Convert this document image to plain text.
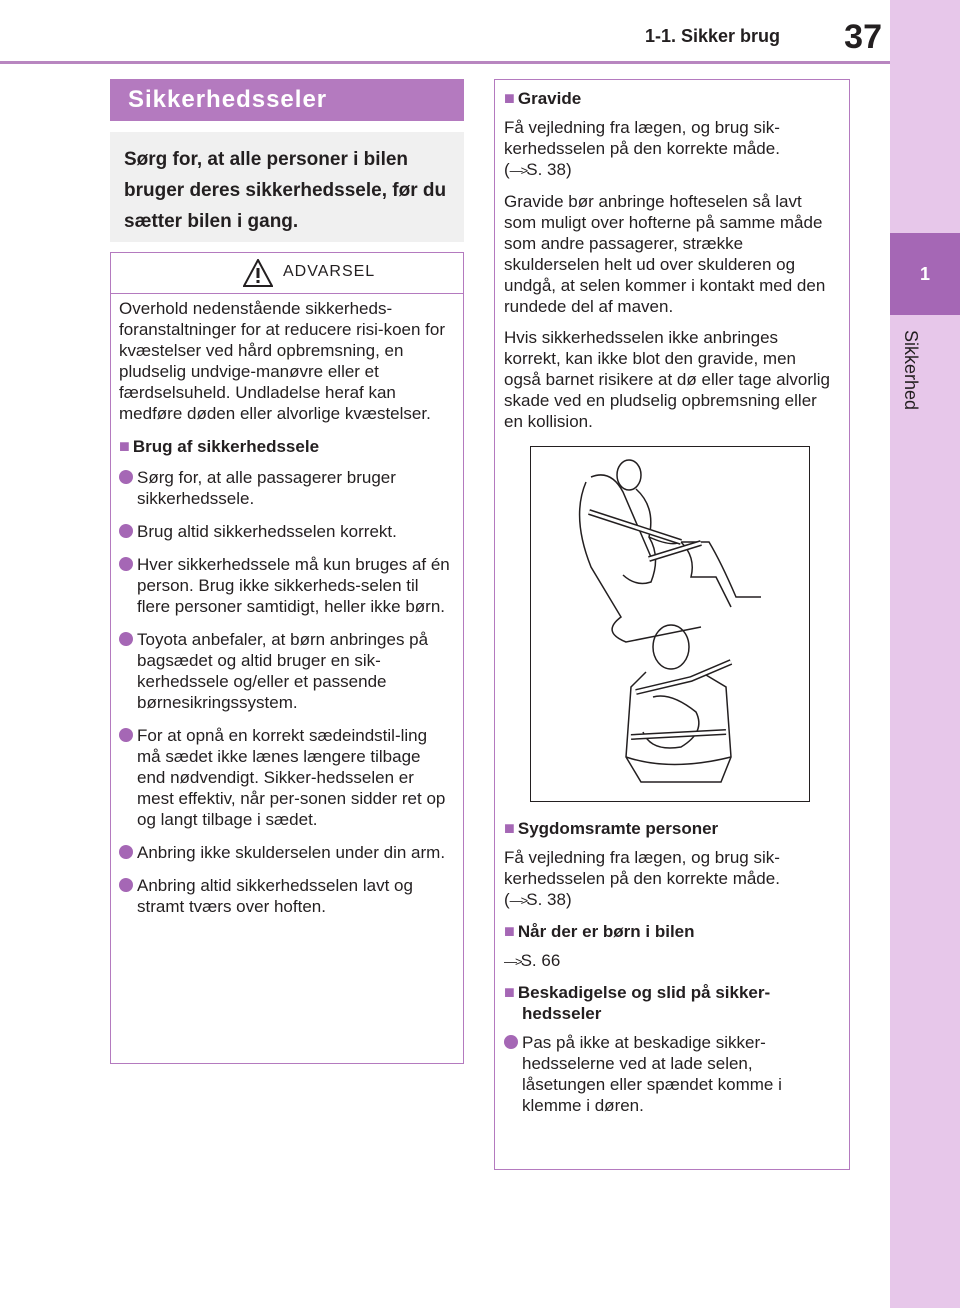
1-1. Sikker brug	37
1
Sikkerhed
Sikkerhedsseler

Sørg for, at alle personer i bilen bruger deres sikkerhedssele, før du sætter bilen i gang.

ADVARSEL

Overhold nedenstående sikkerheds-foranstaltninger for at reducere risi-koen for kvæstelser ved hård opbremsning, en pludselig undvige-manøvre eller et færdselsuheld. Undladelse heraf kan medføre døden eller alvorlige kvæstelser.

■ Brug af sikkerhedssele
Sørg for, at alle passagerer bruger sikkerhedssele.
Brug altid sikkerhedsselen korrekt.
Hver sikkerhedssele må kun bruges af én person. Brug ikke sikkerheds-selen til flere personer samtidigt, heller ikke børn.
Toyota anbefaler, at børn anbringes på bagsædet og altid bruger en sik-kerhedssele og/eller et passende børnesikringssystem.
For at opnå en korrekt sædeindstil-ling må sædet ikke lænes længere tilbage end nødvendigt. Sikker-hedsselen er mest effektiv, når per-sonen sidder ret op og langt tilbage i sædet.
Anbring ikke skulderselen under din arm.
Anbring altid sikkerhedsselen lavt og stramt tværs over hoften.
■ Gravide

Få vejledning fra lægen, og brug sik-kerhedsselen på den korrekte måde.
(—>S. 38)

Gravide bør anbringe hofteselen så lavt som muligt over hofterne på samme måde som andre passagerer, strække skulderselen helt ud over skulderen og undgå, at selen kommer i kontakt med den rundede del af maven.

Hvis sikkerhedsselen ikke anbringes korrekt, kan ikke blot den gravide, men også barnet risikere at dø eller tage alvorlig skade ved en pludselig opbremsning eller en kollision.

■ Sygdomsramte personer

Få vejledning fra lægen, og brug sik-kerhedsselen på den korrekte måde.
(—>S. 38)

■ Når der er børn i bilen

—>S. 66

■ Beskadigelse og slid på sikker-hedsseler
Pas på ikke at beskadige sikker-hedsselerne ved at lade selen, låsetungen eller spændet komme i klemme i døren.
